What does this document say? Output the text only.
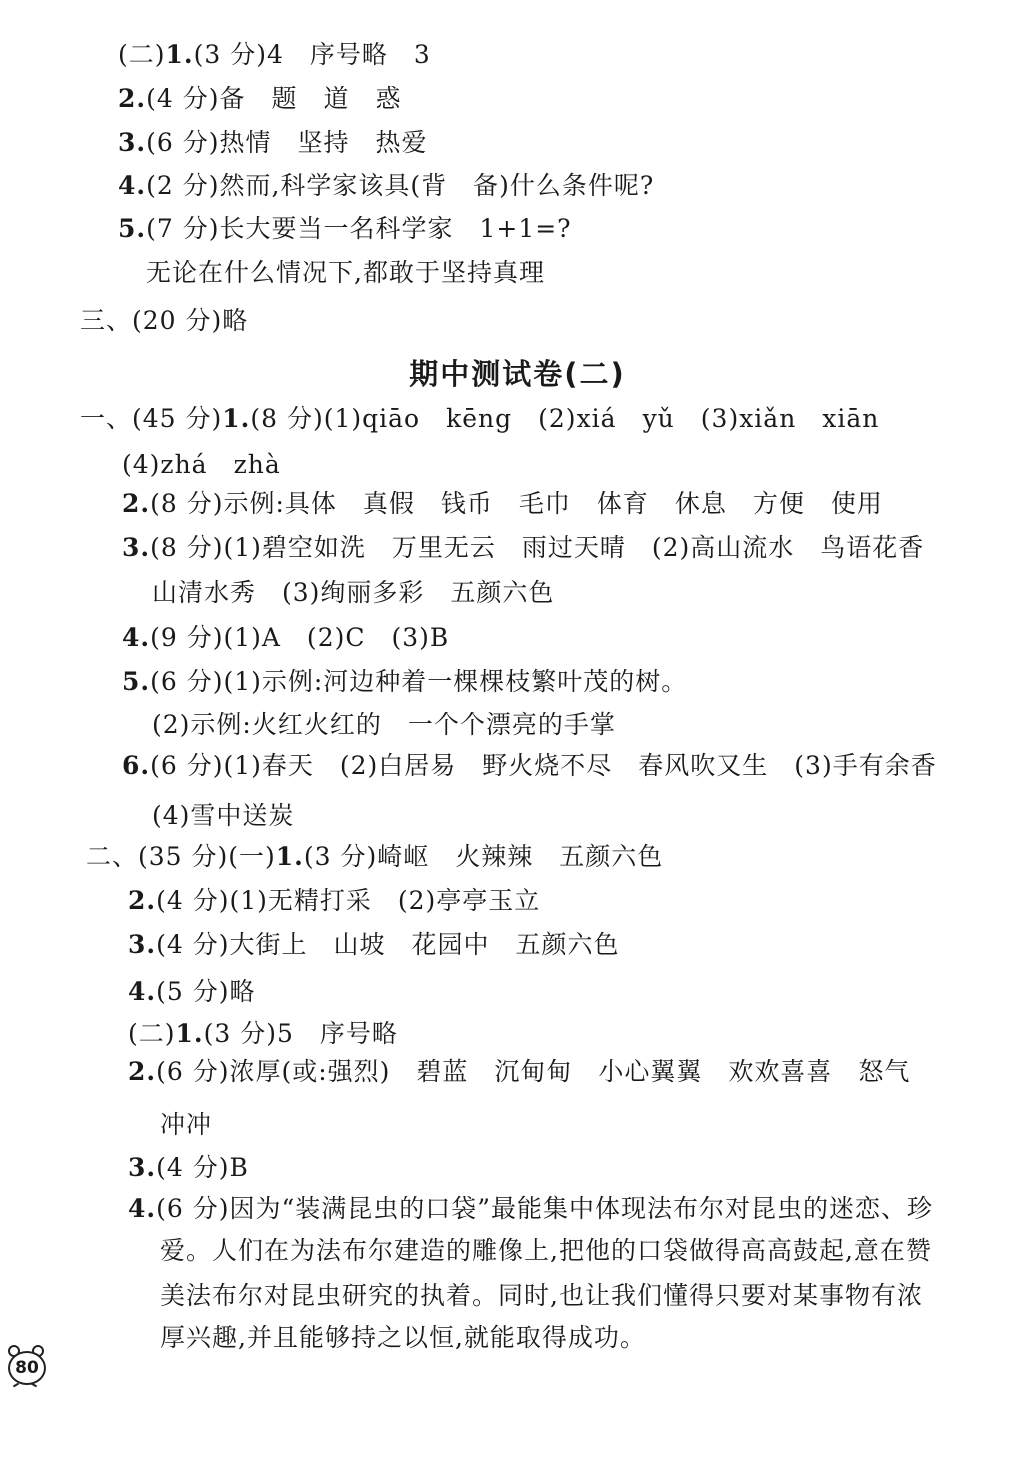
(二)1.(3 分)4　序号略　3
2.(4 分)备　题　道　惑
3.(6 分)热情　坚持　热爱
4.(2 分)然而,科学家该具(背　备)什么条件呢?
5.(7 分)长大要当一名科学家　1+1=?
无论在什么情况下,都敢于坚持真理
三、(20 分)略
期中测试卷(二)
一、(45 分)1.(8 分)(1)qiāo　kēng　(2)xiá　yǔ　(3)xiǎn　xiān
(4)zhá　zhà
2.(8 分)示例:具体　真假　钱币　毛巾　体育　休息　方便　使用
3.(8 分)(1)碧空如洗　万里无云　雨过天晴　(2)高山流水　鸟语花香
山清水秀　(3)绚丽多彩　五颜六色
4.(9 分)(1)A　(2)C　(3)B
5.(6 分)(1)示例:河边种着一棵棵枝繁叶茂的树。
(2)示例:火红火红的　一个个漂亮的手掌
6.(6 分)(1)春天　(2)白居易　野火烧不尽　春风吹又生　(3)手有余香
(4)雪中送炭
二、(35 分)(一)1.(3 分)崎岖　火辣辣　五颜六色
2.(4 分)(1)无精打采　(2)亭亭玉立
3.(4 分)大街上　山坡　花园中　五颜六色
4.(5 分)略
(二)1.(3 分)5　序号略
2.(6 分)浓厚(或:强烈)　碧蓝　沉甸甸　小心翼翼　欢欢喜喜　怒气
冲冲
3.(4 分)B
4.(6 分)因为“装满昆虫的口袋”最能集中体现法布尔对昆虫的迷恋、珍
爱。人们在为法布尔建造的雕像上,把他的口袋做得高高鼓起,意在赞
美法布尔对昆虫研究的执着。同时,也让我们懂得只要对某事物有浓
厚兴趣,并且能够持之以恒,就能取得成功。
80
